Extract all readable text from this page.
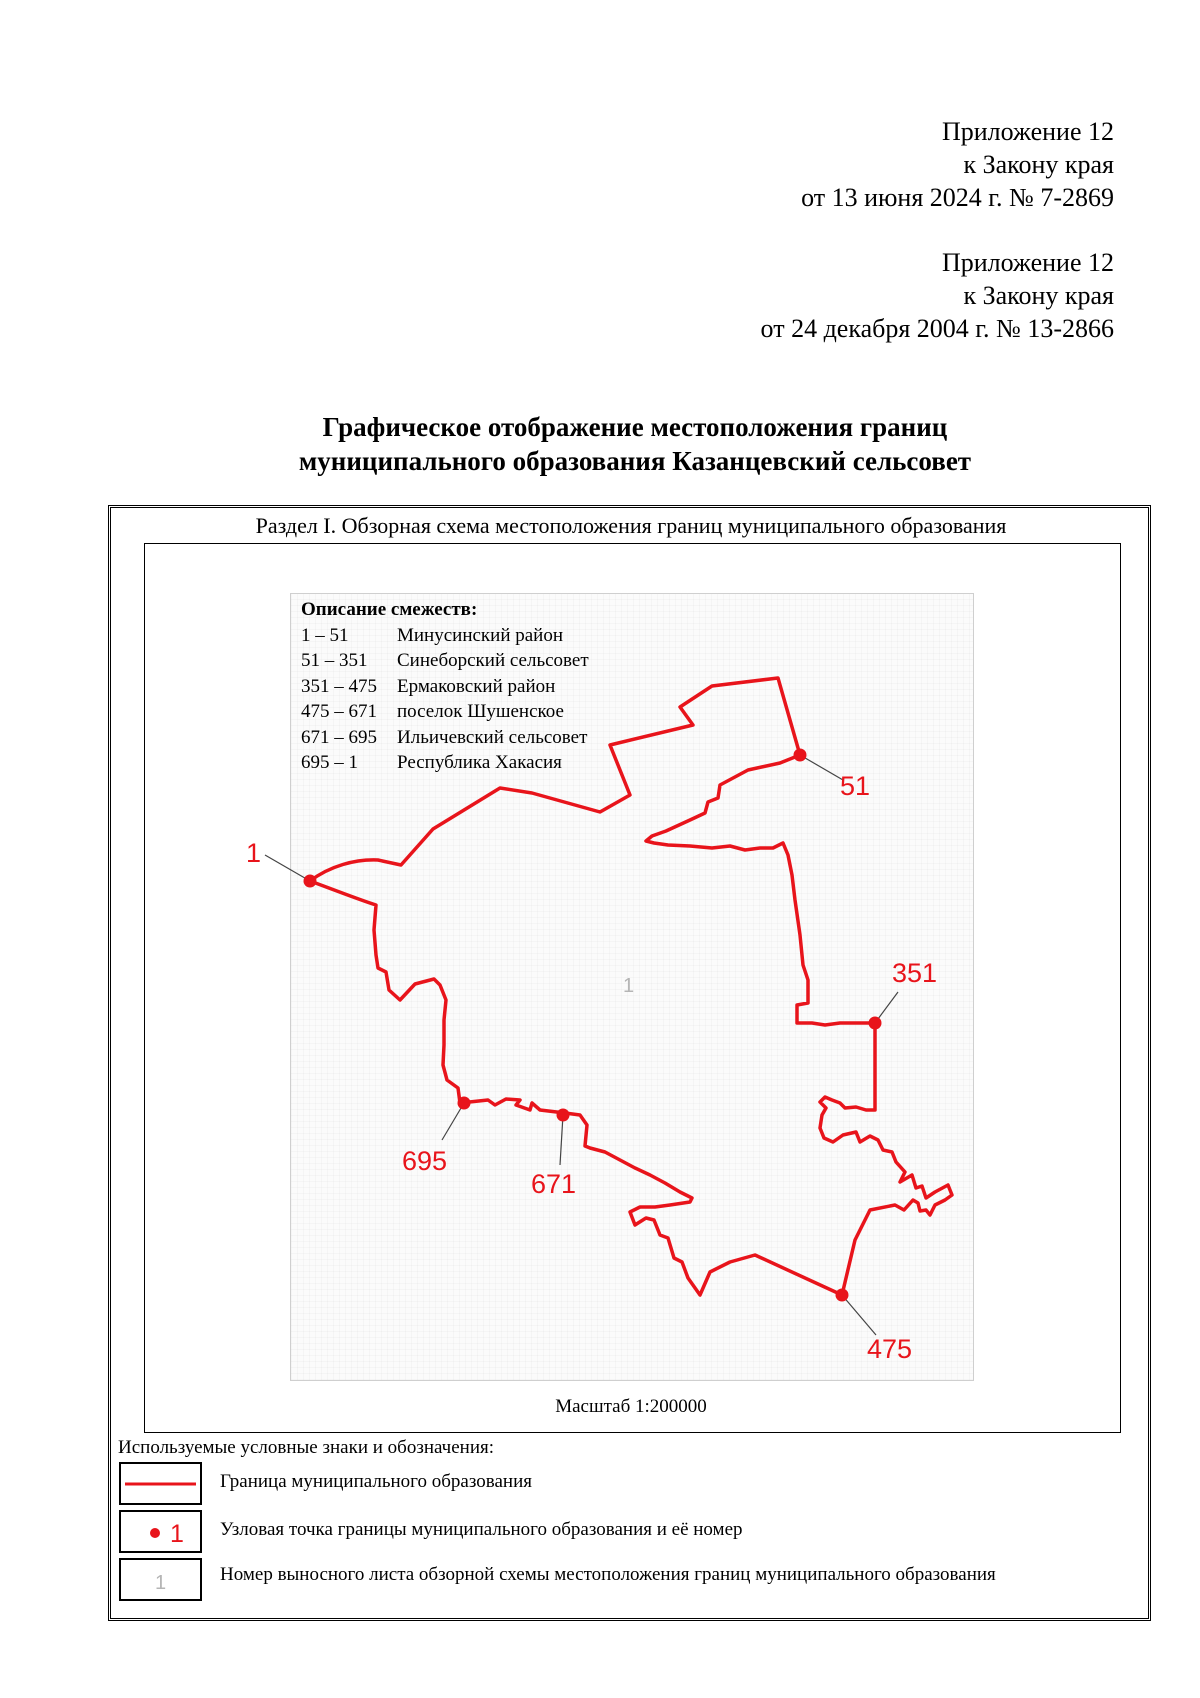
Приложение 12
к Закону края
от 13 июня 2024 г. № 7-2869
Приложение 12
к Закону края
от 24 декабря 2004 г. № 13-2866
Графическое отображение местоположения границ
муниципального образования Казанцевский сельсовет
Раздел I. Обзорная схема местоположения границ муниципального образования
1
51
351
475
671
695
1
Описание смежеств:
1 – 51	Минусинский район
51 – 351	Синеборский сельсовет
351 – 475	Ермаковский район
475 – 671	поселок Шушенское
671 – 695	Ильичевский сельсовет
695 – 1	Республика Хакасия
Масштаб 1:200000
Используемые условные знаки и обозначения:
Граница муниципального образования
1 Узловая точка границы муниципального образования и её номер
1	Номер выносного листа обзорной схемы местоположения границ муниципального образования
